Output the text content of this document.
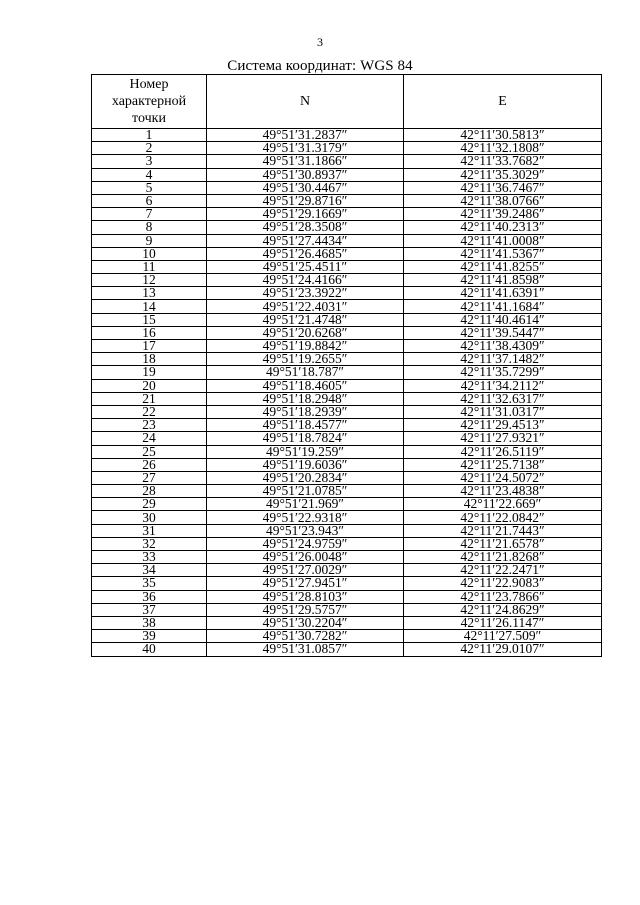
3
Система координат: WGS 84
Номер
характерной
точки	N	E
1	49°51′31.2837″	42°11′30.5813″
2	49°51′31.3179″	42°11′32.1808″
3	49°51′31.1866″	42°11′33.7682″
4	49°51′30.8937″	42°11′35.3029″
5	49°51′30.4467″	42°11′36.7467″
6	49°51′29.8716″	42°11′38.0766″
7	49°51′29.1669″	42°11′39.2486″
8	49°51′28.3508″	42°11′40.2313″
9	49°51′27.4434″	42°11′41.0008″
10	49°51′26.4685″	42°11′41.5367″
11	49°51′25.4511″	42°11′41.8255″
12	49°51′24.4166″	42°11′41.8598″
13	49°51′23.3922″	42°11′41.6391″
14	49°51′22.4031″	42°11′41.1684″
15	49°51′21.4748″	42°11′40.4614″
16	49°51′20.6268″	42°11′39.5447″
17	49°51′19.8842″	42°11′38.4309″
18	49°51′19.2655″	42°11′37.1482″
19	49°51′18.787″	42°11′35.7299″
20	49°51′18.4605″	42°11′34.2112″
21	49°51′18.2948″	42°11′32.6317″
22	49°51′18.2939″	42°11′31.0317″
23	49°51′18.4577″	42°11′29.4513″
24	49°51′18.7824″	42°11′27.9321″
25	49°51′19.259″	42°11′26.5119″
26	49°51′19.6036″	42°11′25.7138″
27	49°51′20.2834″	42°11′24.5072″
28	49°51′21.0785″	42°11′23.4838″
29	49°51′21.969″	42°11′22.669″
30	49°51′22.9318″	42°11′22.0842″
31	49°51′23.943″	42°11′21.7443″
32	49°51′24.9759″	42°11′21.6578″
33	49°51′26.0048″	42°11′21.8268″
34	49°51′27.0029″	42°11′22.2471″
35	49°51′27.9451″	42°11′22.9083″
36	49°51′28.8103″	42°11′23.7866″
37	49°51′29.5757″	42°11′24.8629″
38	49°51′30.2204″	42°11′26.1147″
39	49°51′30.7282″	42°11′27.509″
40	49°51′31.0857″	42°11′29.0107″
